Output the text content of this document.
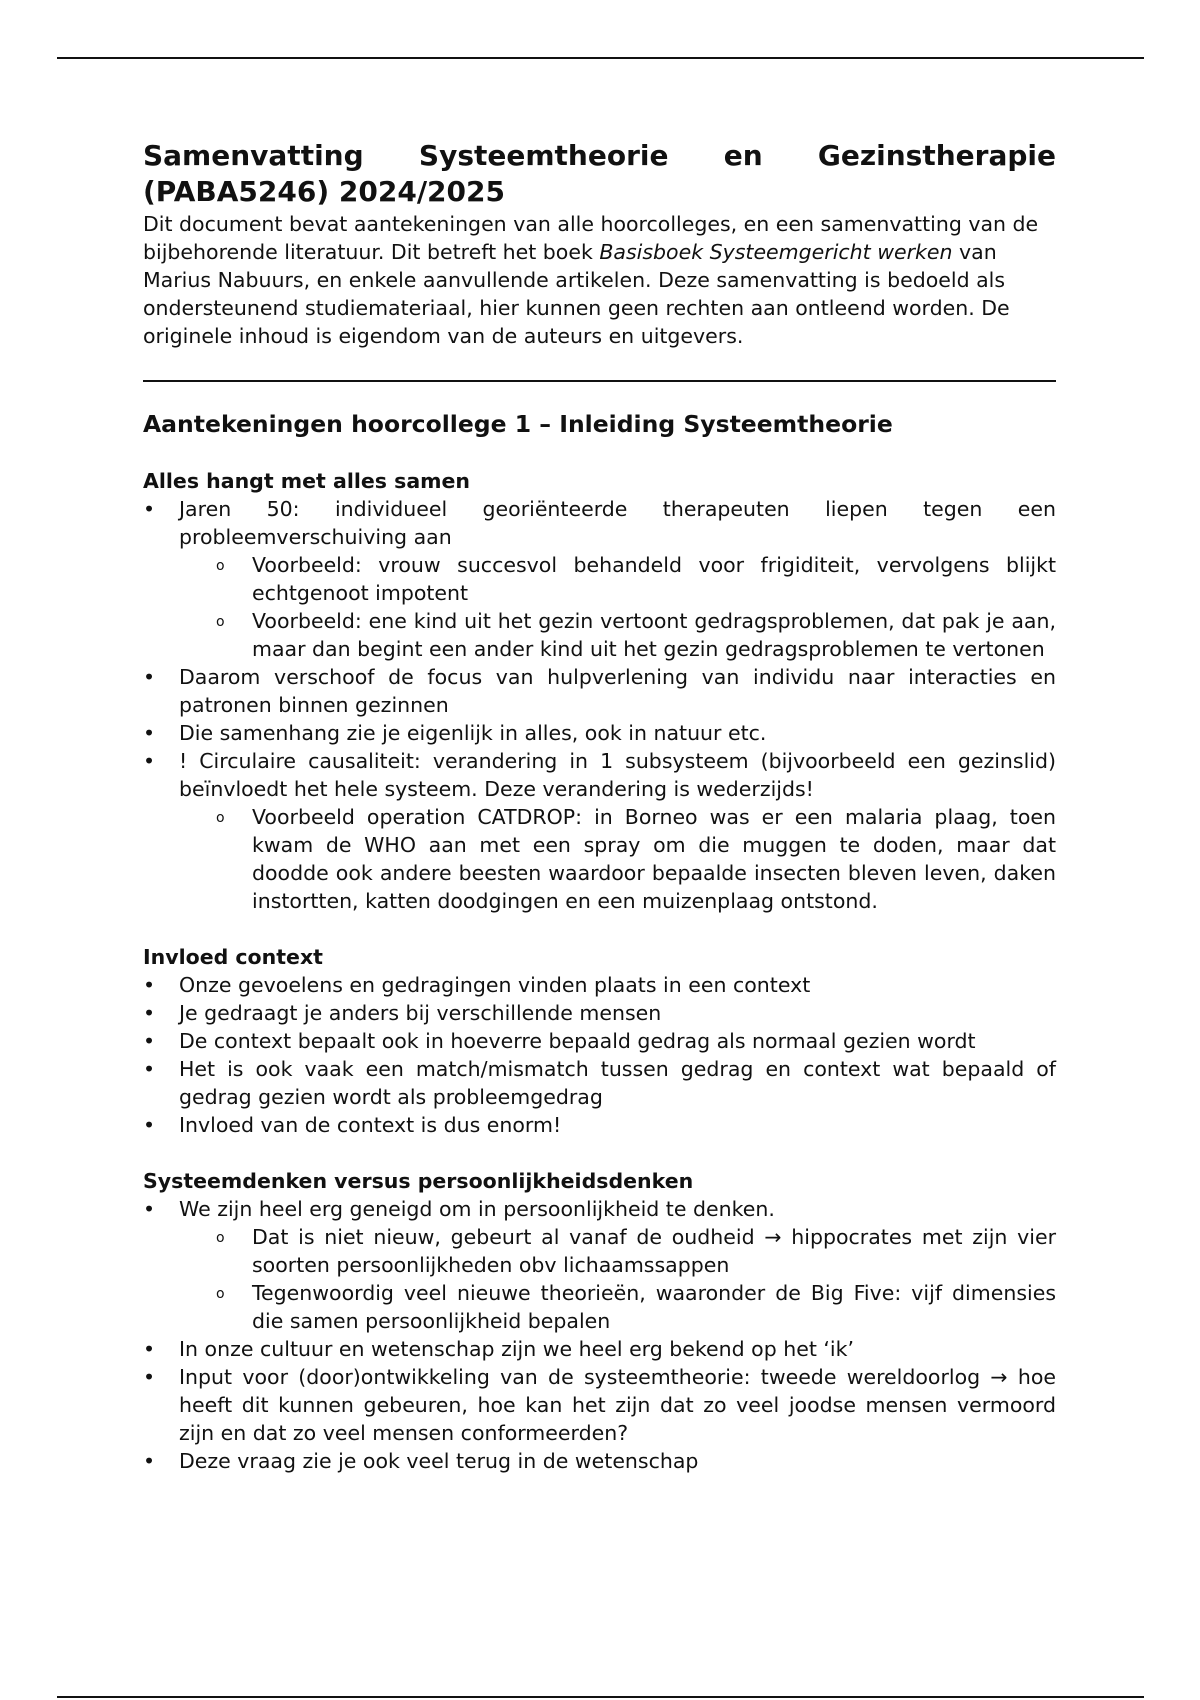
Samenvatting Systeemtheorie en Gezinstherapie
(PABA5246) 2024/2025

Dit document bevat aantekeningen van alle hoorcolleges, en een samenvatting van de bijbehorende literatuur. Dit betreft het boek Basisboek Systeemgericht werken van Marius Nabuurs, en enkele aanvullende artikelen. Deze samenvatting is bedoeld als ondersteunend studiemateriaal, hier kunnen geen rechten aan ontleend worden. De originele inhoud is eigendom van de auteurs en uitgevers.

Aantekeningen hoorcollege 1 – Inleiding Systeemtheorie
Alles hangt met alles samen
• Jaren 50: individueel georiënteerde therapeuten liepen tegen een probleemverschuiving aan
o Voorbeeld: vrouw succesvol behandeld voor frigiditeit, vervolgens blijkt echtgenoot impotent
o Voorbeeld: ene kind uit het gezin vertoont gedragsproblemen, dat pak je aan, maar dan begint een ander kind uit het gezin gedragsproblemen te vertonen
• Daarom verschoof de focus van hulpverlening van individu naar interacties en patronen binnen gezinnen
• Die samenhang zie je eigenlijk in alles, ook in natuur etc.
• ! Circulaire causaliteit: verandering in 1 subsysteem (bijvoorbeeld een gezinslid) beïnvloedt het hele systeem. Deze verandering is wederzijds!
o Voorbeeld operation CATDROP: in Borneo was er een malaria plaag, toen kwam de WHO aan met een spray om die muggen te doden, maar dat doodde ook andere beesten waardoor bepaalde insecten bleven leven, daken instortten, katten doodgingen en een muizenplaag ontstond.
Invloed context
• Onze gevoelens en gedragingen vinden plaats in een context
• Je gedraagt je anders bij verschillende mensen
• De context bepaalt ook in hoeverre bepaald gedrag als normaal gezien wordt
• Het is ook vaak een match/mismatch tussen gedrag en context wat bepaald of gedrag gezien wordt als probleemgedrag
• Invloed van de context is dus enorm!
Systeemdenken versus persoonlijkheidsdenken
• We zijn heel erg geneigd om in persoonlijkheid te denken.
o Dat is niet nieuw, gebeurt al vanaf de oudheid → hippocrates met zijn vier soorten persoonlijkheden obv lichaamssappen
o Tegenwoordig veel nieuwe theorieën, waaronder de Big Five: vijf dimensies die samen persoonlijkheid bepalen
• In onze cultuur en wetenschap zijn we heel erg bekend op het ‘ik’
• Input voor (door)ontwikkeling van de systeemtheorie: tweede wereldoorlog → hoe heeft dit kunnen gebeuren, hoe kan het zijn dat zo veel joodse mensen vermoord zijn en dat zo veel mensen conformeerden?
• Deze vraag zie je ook veel terug in de wetenschap
